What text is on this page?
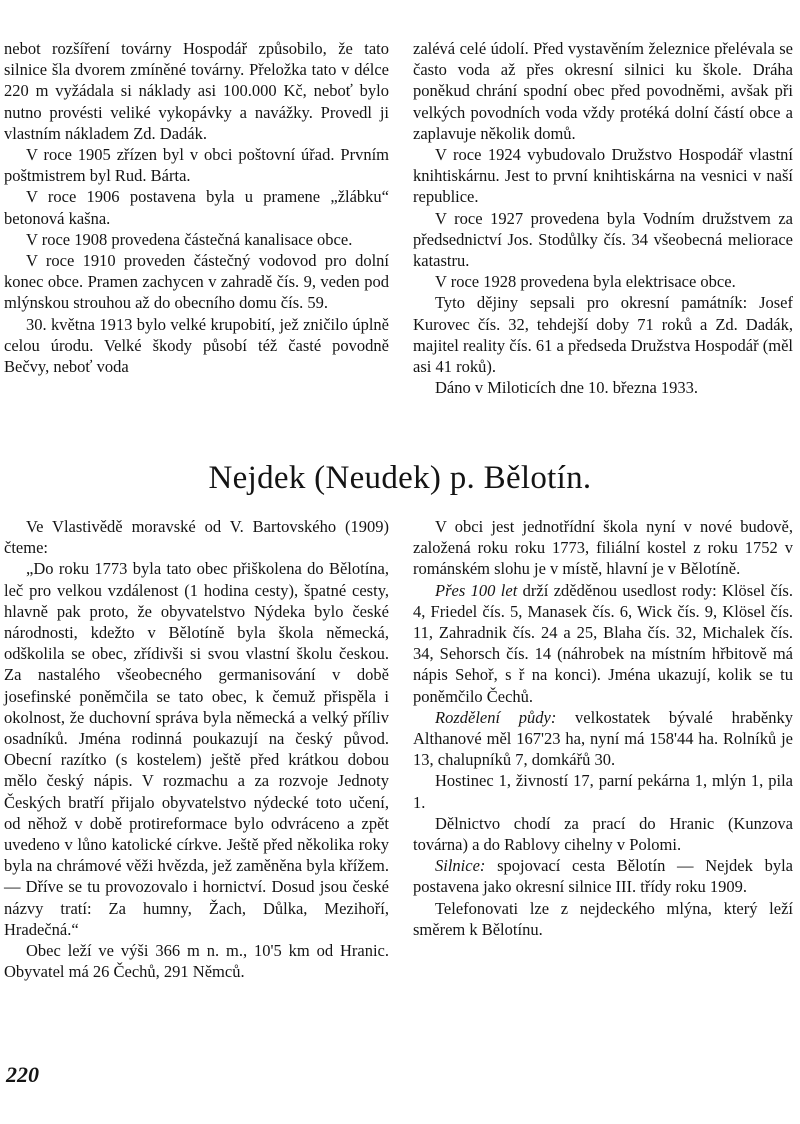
nebot rozšíření továrny Hospodář způsobilo, že tato silnice šla dvorem zmíněné továrny. Přeložka tato v délce 220 m vyžádala si náklady asi 100.000 Kč, neboť bylo nutno provésti veliké vykopávky a navážky. Provedl ji vlastním nákladem Zd. Dadák.

V roce 1905 zřízen byl v obci poštovní úřad. Prvním poštmistrem byl Rud. Bárta.

V roce 1906 postavena byla u pramene „žlábku“ betonová kašna.

V roce 1908 provedena částečná kanalisace obce.

V roce 1910 proveden částečný vodovod pro dolní konec obce. Pramen zachycen v zahradě čís. 9, veden pod mlýnskou strouhou až do obecního domu čís. 59.

30. května 1913 bylo velké krupobití, jež zničilo úplně celou úrodu. Velké škody působí též časté povodně Bečvy, neboť voda

zalévá celé údolí. Před vystavěním železnice přelévala se často voda až přes okresní silnici ku škole. Dráha poněkud chrání spodní obec před povodněmi, avšak při velkých povodních voda vždy protéká dolní částí obce a zaplavuje několik domů.

V roce 1924 vybudovalo Družstvo Hospodář vlastní knihtiskárnu. Jest to první knihtiskárna na vesnici v naší republice.

V roce 1927 provedena byla Vodním družstvem za předsednictví Jos. Stodůlky čís. 34 všeobecná meliorace katastru.

V roce 1928 provedena byla elektrisace obce.

Tyto dějiny sepsali pro okresní památník: Josef Kurovec čís. 32, tehdejší doby 71 roků a Zd. Dadák, majitel reality čís. 61 a předseda Družstva Hospodář (měl asi 41 roků).

Dáno v Miloticích dne 10. března 1933.

Nejdek (Neudek) p. Bělotín.

Ve Vlastivědě moravské od V. Bartovského (1909) čteme:

„Do roku 1773 byla tato obec přiškolena do Bělotína, leč pro velkou vzdálenost (1 hodina cesty), špatné cesty, hlavně pak proto, že obyvatelstvo Nýdeka bylo české národnosti, kdežto v Bělotíně byla škola německá, odškolila se obec, zřídivši si svou vlastní školu českou. Za nastalého všeobecného germanisování v době josefinské poněmčila se tato obec, k čemuž přispěla i okolnost, že duchovní správa byla německá a velký příliv osadníků. Jména rodinná poukazují na český původ. Obecní razítko (s kostelem) ještě před krátkou dobou mělo český nápis. V rozmachu a za rozvoje Jednoty Českých bratří přijalo obyvatelstvo nýdecké toto učení, od něhož v době protireformace bylo odvráceno a zpět uvedeno v lůno katolické církve. Ještě před několika roky byla na chrámové věži hvězda, jež zaměněna byla křížem. — Dříve se tu provozovalo i hornictví. Dosud jsou české názvy tratí: Za humny, Žach, Důlka, Mezihoří, Hradečná.“

Obec leží ve výši 366 m n. m., 10'5 km od Hranic. Obyvatel má 26 Čechů, 291 Němců.

V obci jest jednotřídní škola nyní v nové budově, založená roku roku 1773, filiální kostel z roku 1752 v románském slohu je v místě, hlavní je v Bělotíně.

Přes 100 let drží zděděnou usedlost rody: Klösel čís. 4, Friedel čís. 5, Manasek čís. 6, Wick čís. 9, Klösel čís. 11, Zahradnik čís. 24 a 25, Blaha čís. 32, Michalek čís. 34, Sehorsch čís. 14 (náhrobek na místním hřbitově má nápis Sehoř, s ř na konci). Jména ukazují, kolik se tu poněmčilo Čechů.

Rozdělení půdy: velkostatek bývalé hraběnky Althanové měl 167'23 ha, nyní má 158'44 ha. Rolníků je 13, chalupníků 7, domkářů 30.

Hostinec 1, živností 17, parní pekárna 1, mlýn 1, pila 1.

Dělnictvo chodí za prací do Hranic (Kunzova továrna) a do Rablovy cihelny v Polomi.

Silnice: spojovací cesta Bělotín — Nejdek byla postavena jako okresní silnice III. třídy roku 1909.

Telefonovati lze z nejdeckého mlýna, který leží směrem k Bělotínu.

220
